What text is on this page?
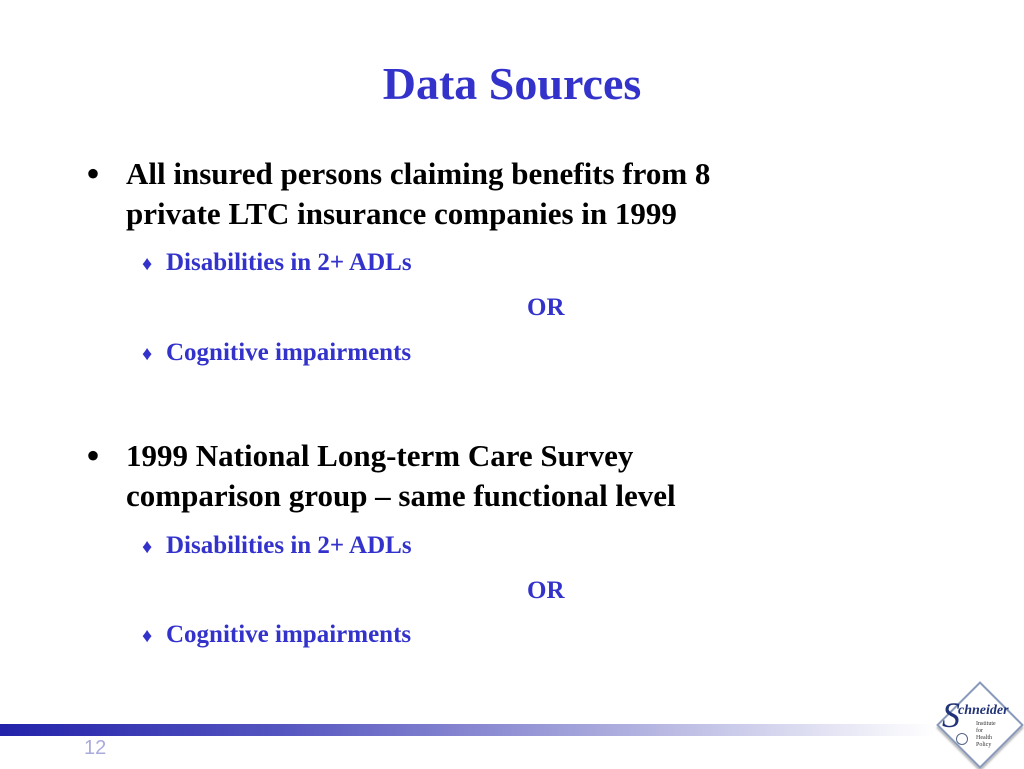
Data Sources
• All insured persons claiming benefits from 8
private LTC insurance companies in 1999
♦ Disabilities in 2+ ADLs
OR
♦ Cognitive impairments
• 1999 National Long-term Care Survey
comparison group – same functional level
♦ Disabilities in 2+ ADLs
OR
♦ Cognitive impairments
12
S
chneider
Institute
for
Health
Policy
